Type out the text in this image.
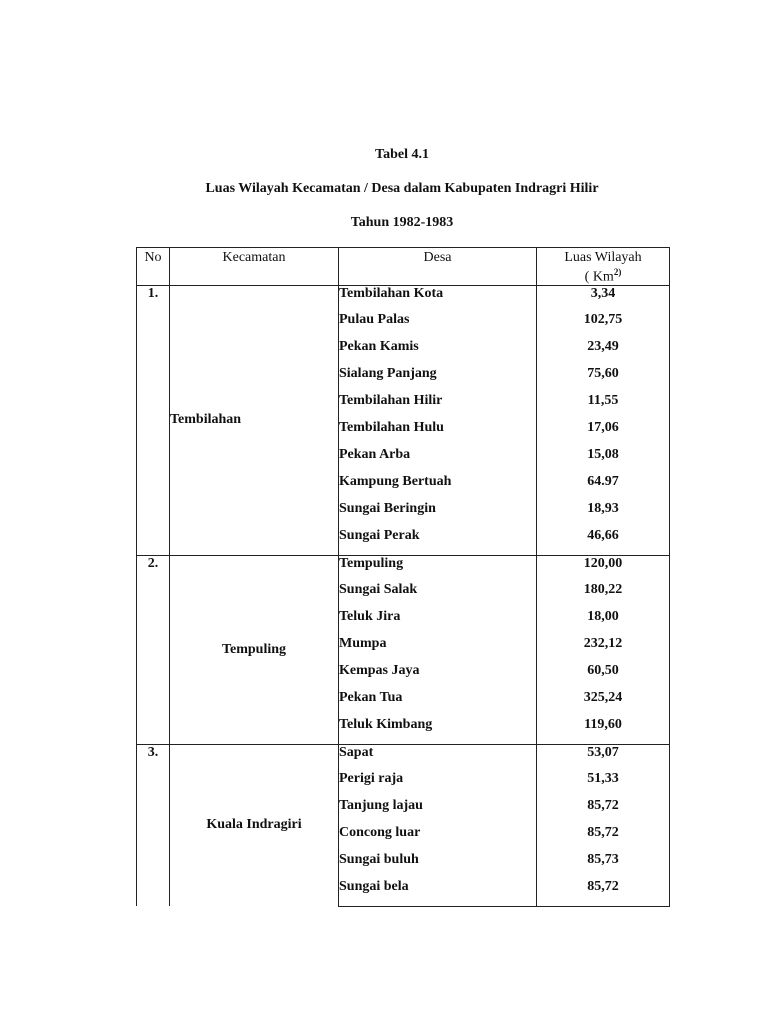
Tabel 4.1
Luas Wilayah Kecamatan / Desa dalam Kabupaten Indragri Hilir
Tahun 1982-1983
No	Kecamatan	Desa	Luas Wilayah
( Km$^{2)}$

1.	Tembilahan	Tembilahan Kota	3,34
		Pulau Palas	102,75
		Pekan Kamis	23,49
		Sialang Panjang	75,60
		Tembilahan Hilir	11,55
		Tembilahan Hulu	17,06
		Pekan Arba	15,08
		Kampung Bertuah	64.97
		Sungai Beringin	18,93
		Sungai Perak	46,66
2.	Tempuling	Tempuling	120,00
		Sungai Salak	180,22
		Teluk Jira	18,00
		Mumpa	232,12
		Kempas Jaya	60,50
		Pekan Tua	325,24
		Teluk Kimbang	119,60
3.	Kuala Indragiri	Sapat	53,07
		Perigi raja	51,33
		Tanjung lajau	85,72
		Concong luar	85,72
		Sungai buluh	85,73
		Sungai bela	85,72
